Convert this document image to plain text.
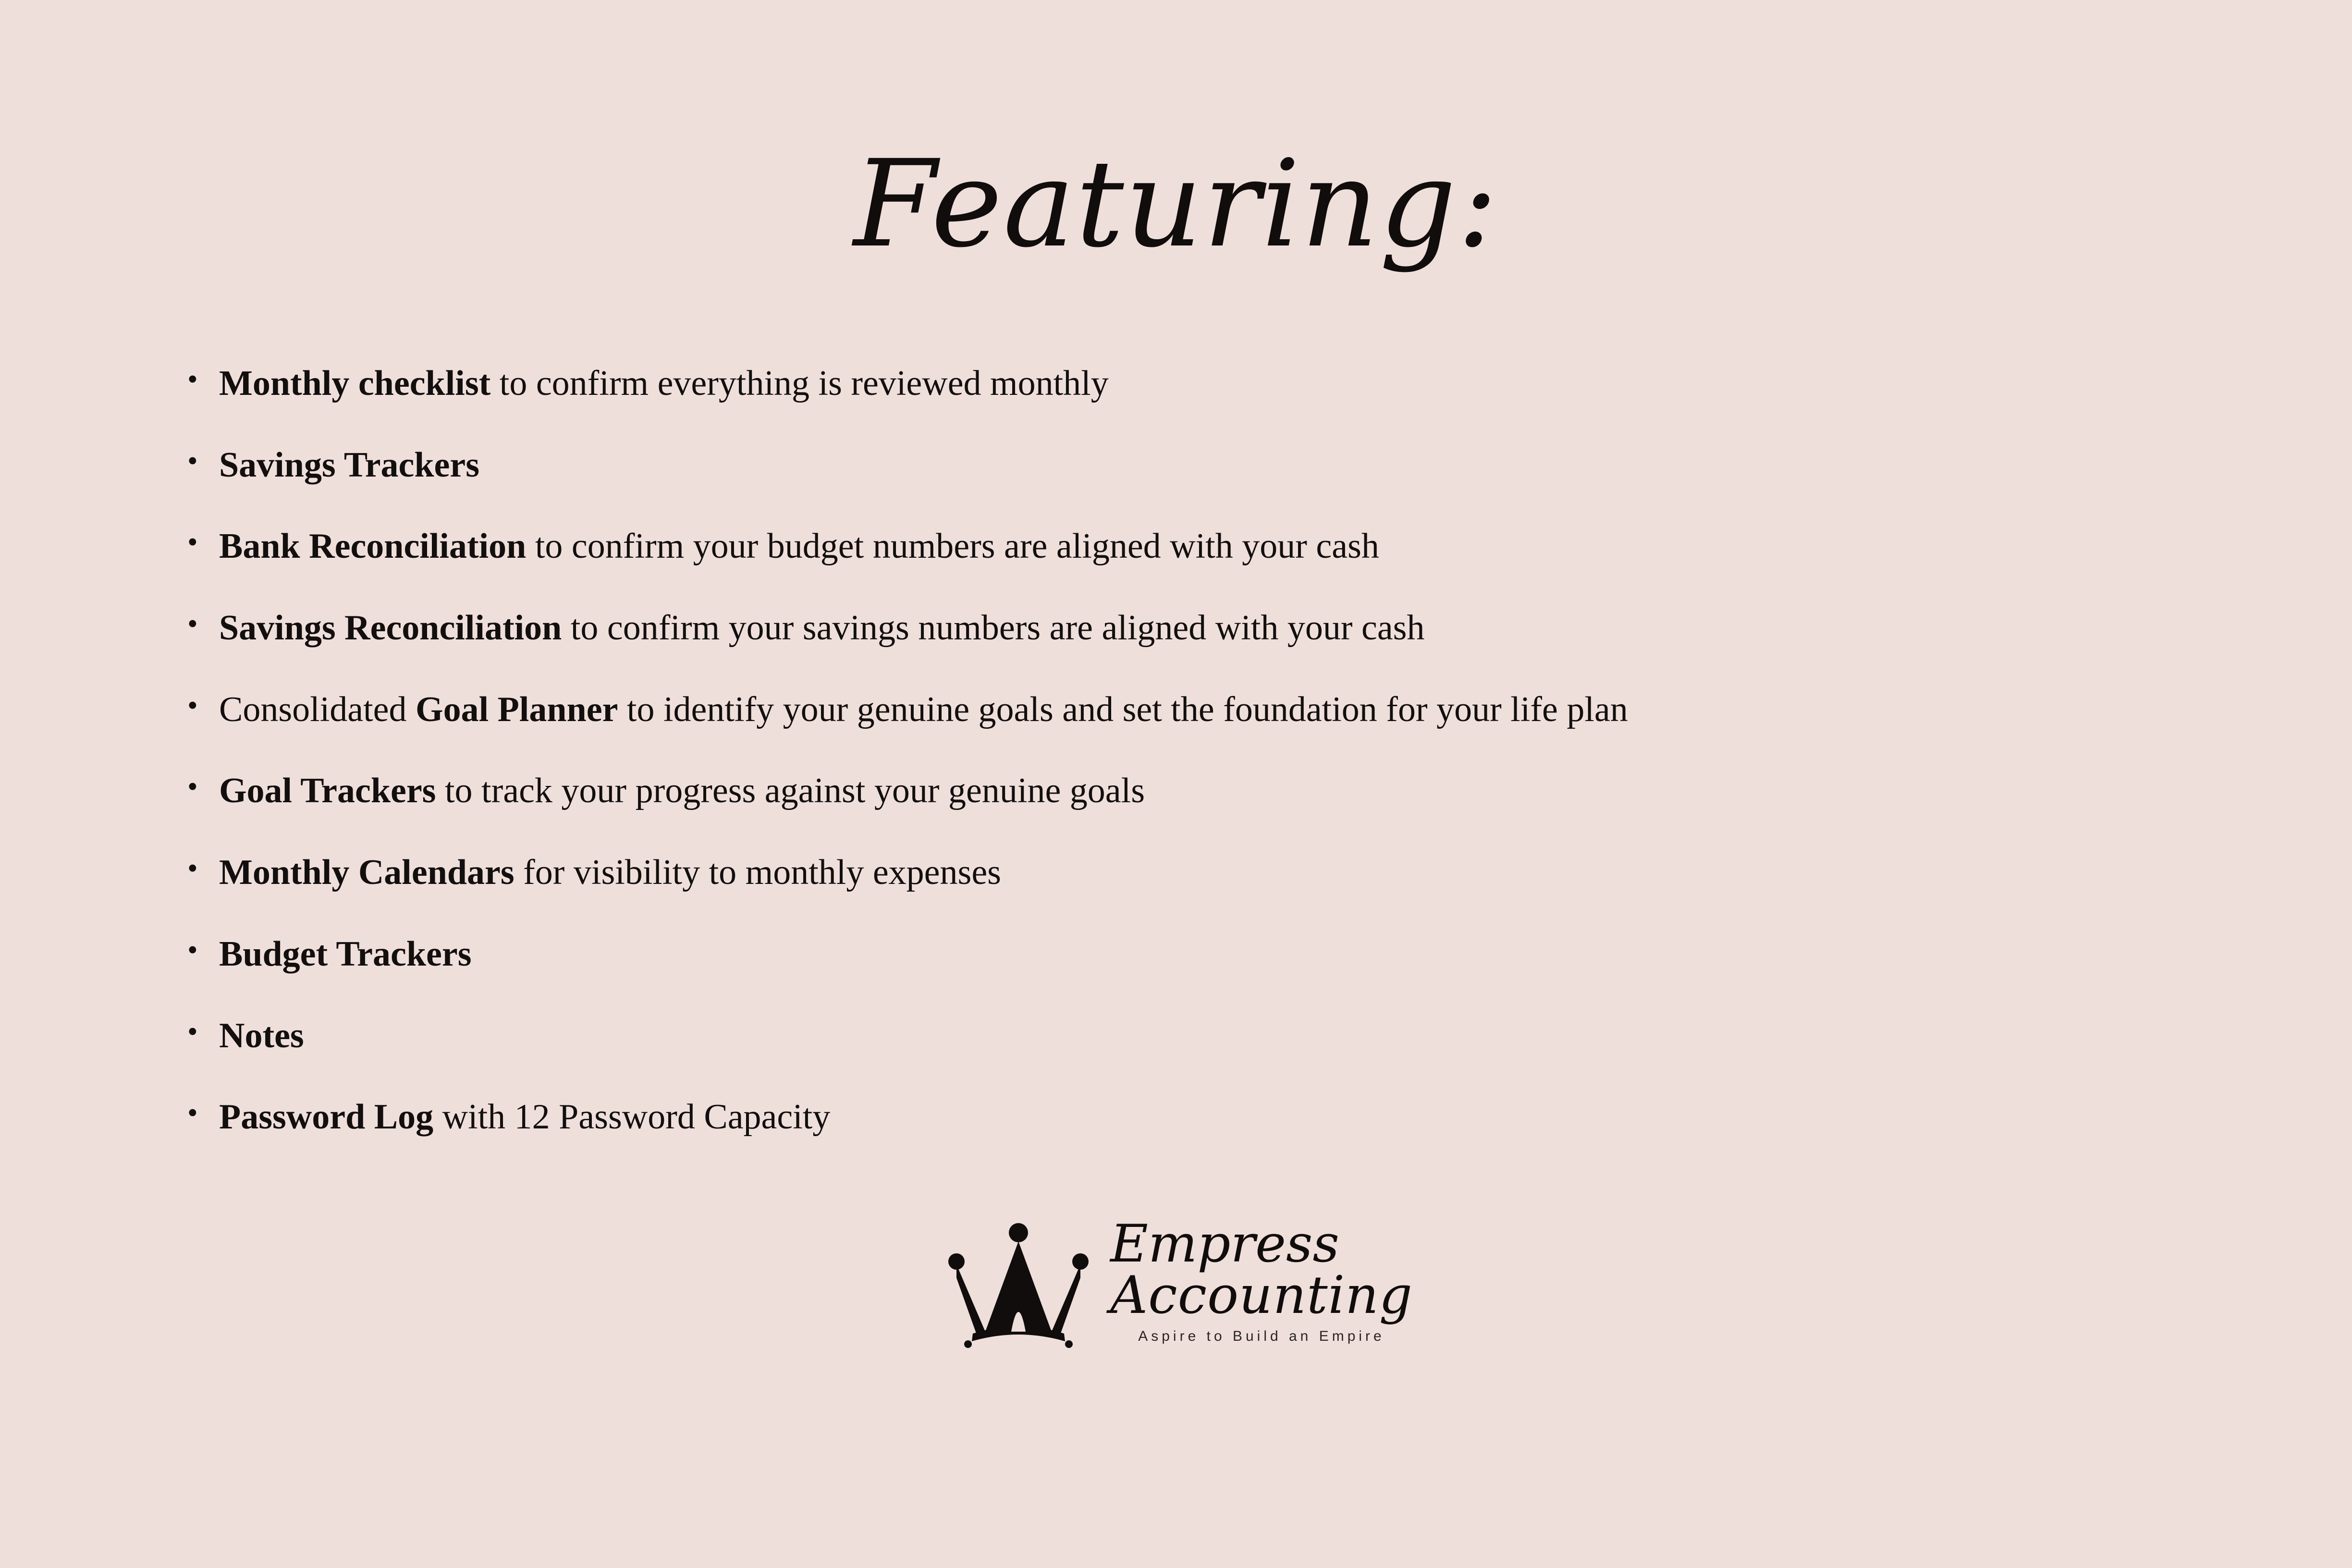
Featuring:
• Monthly checklist to confirm everything is reviewed monthly
• Savings Trackers
• Bank Reconciliation to confirm your budget numbers are aligned with your cash
• Savings Reconciliation to confirm your savings numbers are aligned with your cash
• Consolidated Goal Planner to identify your genuine goals and set the foundation for your life plan
• Goal Trackers to track your progress against your genuine goals
• Monthly Calendars for visibility to monthly expenses
• Budget Trackers
• Notes
• Password Log with 12 Password Capacity
Empress
Accounting
Aspire to Build an Empire
